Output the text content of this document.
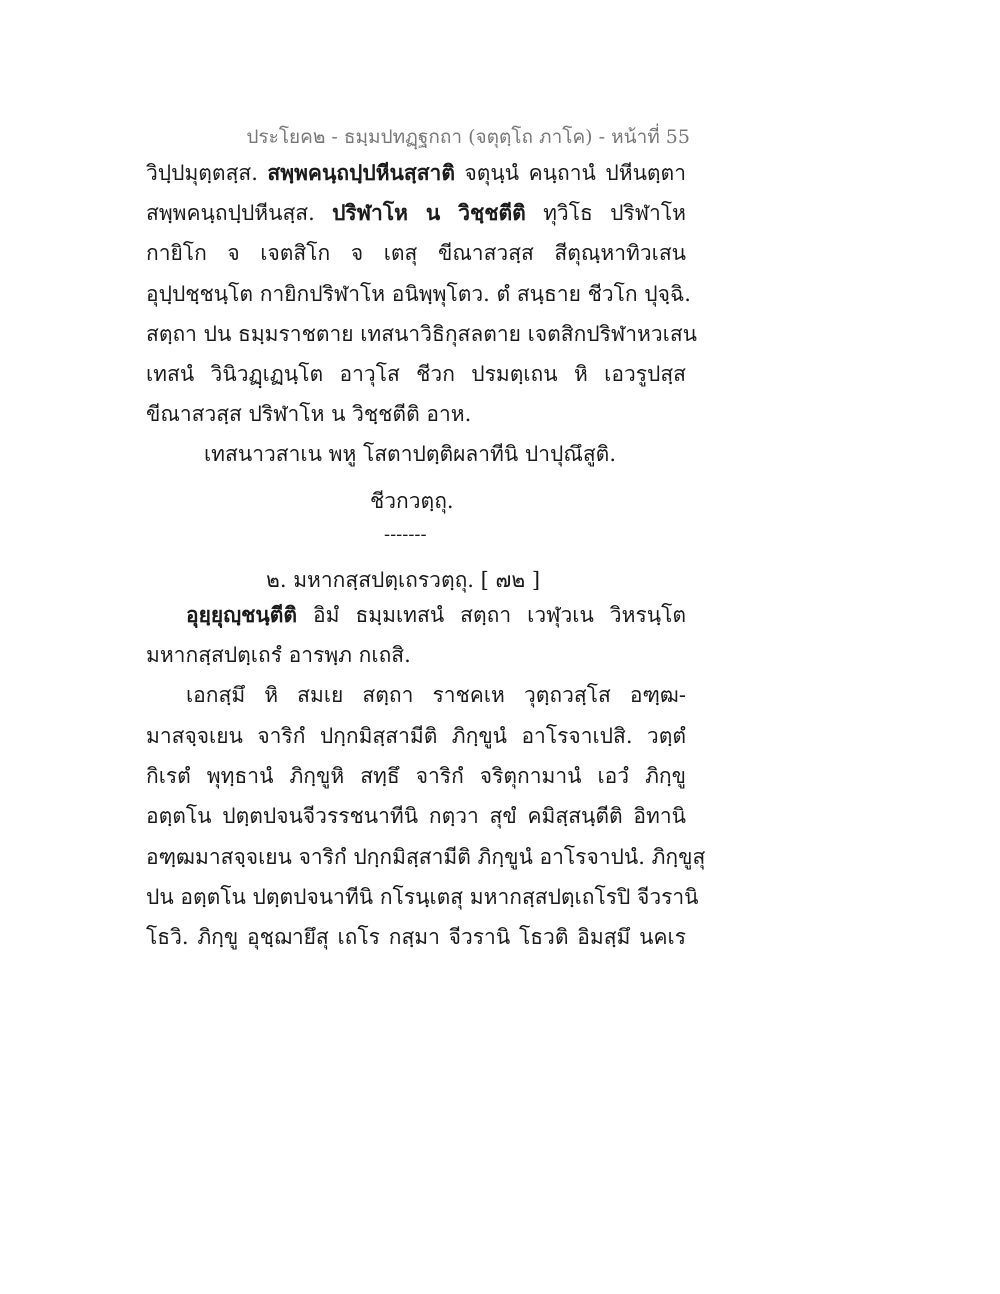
ประโยค๒ - ธมฺมปทฏฺฐกถา (จตุตฺโถ ภาโค) - หน้าที่ 55
วิปฺปมุตฺตสฺส. สพฺพคนฺถปฺปหีนสฺสาติ จตุนฺนํ คนฺถานํ ปหีนตฺตา
สพฺพคนฺถปฺปหีนสฺส. ปริฬาโห น วิชฺชตีติ ทุวิโธ ปริฬาโห
กายิโก จ เจตสิโก จ เตสุ ขีณาสวสฺส สีตุณฺหาทิวเสน
อุปฺปชฺชนฺโต กายิกปริฬาโห อนิพฺพุโตว. ตํ สนฺธาย ชีวโก ปุจฺฉิ.
สตฺถา ปน ธมฺมราชตาย เทสนาวิธิกุสลตาย เจตสิกปริฬาหวเสน
เทสนํ วินิวฏฺเฏนฺโต อาวุโส ชีวก ปรมตฺเถน หิ เอวรูปสฺส
ขีณาสวสฺส ปริฬาโห น วิชฺชตีติ อาห.
เทสนาวสาเน พหู โสตาปตฺติผลาทีนิ ปาปุณึสูติ.
อุยฺยุญฺชนฺตีติ อิมํ ธมฺมเทสนํ สตฺถา เวฬุวเน วิหรนฺโต
มหากสฺสปตฺเถรํ อารพฺภ กเถสิ.
เอกสฺมึ หิ สมเย สตฺถา ราชคเห วุตฺถวสฺโส อฑฺฒ-
มาสจฺจเยน จาริกํ ปกฺกมิสฺสามีติ ภิกฺขูนํ อาโรจาเปสิ. วตฺตํ
กิเรตํ พุทฺธานํ ภิกฺขูหิ สทฺธึ จาริกํ จริตุกามานํ เอวํ ภิกฺขู
อตฺตโน ปตฺตปจนจีวรรชนาทีนิ กตฺวา สุขํ คมิสฺสนฺตีติ อิทานิ
อฑฺฒมาสจฺจเยน จาริกํ ปกฺกมิสฺสามีติ ภิกฺขูนํ อาโรจาปนํ. ภิกฺขูสุ
ปน อตฺตโน ปตฺตปจนาทีนิ กโรนฺเตสุ มหากสฺสปตฺเถโรปิ จีวรานิ
โธวิ. ภิกฺขู อุชฺฌายึสุ เถโร กสฺมา จีวรานิ โธวติ อิมสฺมึ นคเร
ชีวกวตฺถุ.
-------
๒. มหากสฺสปตฺเถรวตฺถุ. [ ๗๒ ]
